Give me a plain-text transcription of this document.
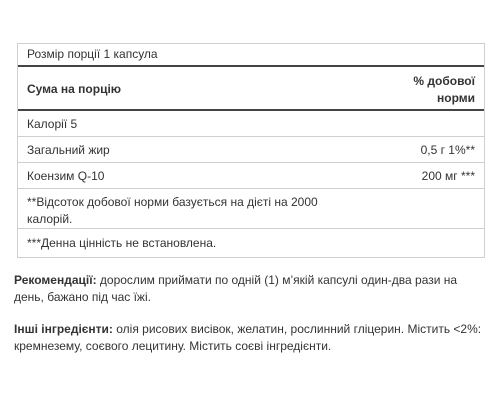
Розмір порції 1 капсула
Сума на порцію
% добової
норми
Калорії 5
Загальний жир	0,5 г 1%**
Коензим Q-10	200 мг ***
**Відсоток добової норми базується на дієті на 2000 калорій.
***Денна цінність не встановлена.
Рекомендації: дорослим приймати по одній (1) м’якій капсулі один-два рази на день, бажано під час їжі.
Інші інгредієнти: олія рисових висівок, желатин, рослинний гліцерин. Містить <2%: кремнезему, соєвого лецитину. Містить соєві інгредієнти.
